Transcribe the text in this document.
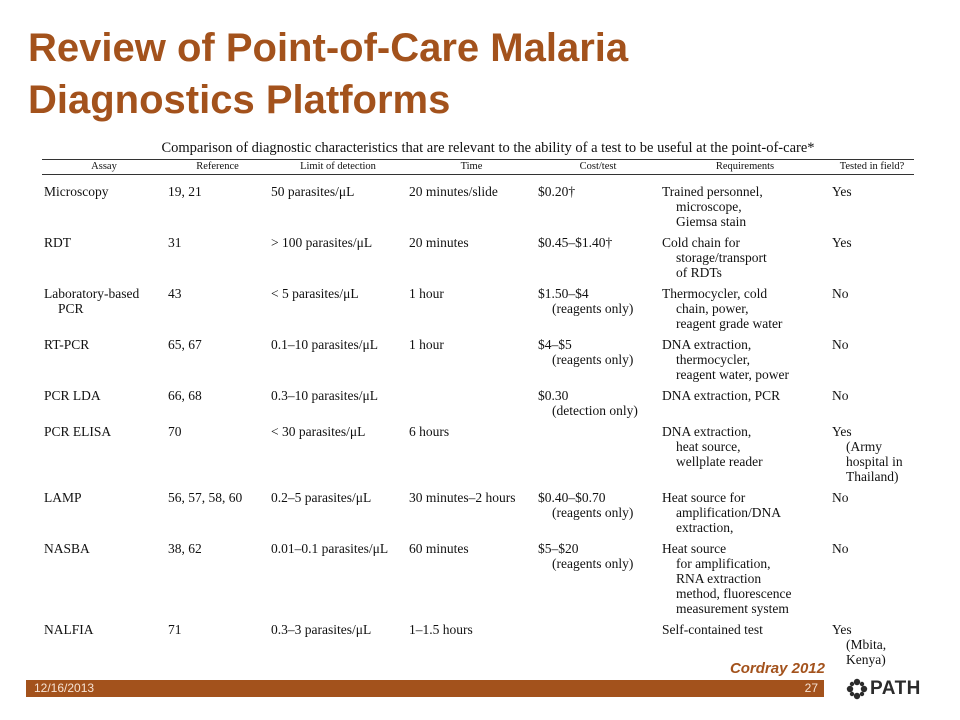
Review of Point-of-Care Malaria
Diagnostics Platforms
Comparison of diagnostic characteristics that are relevant to the ability of a test to be useful at the point-of-care*
Assay	Reference	Limit of detection	Time	Cost/test	Requirements	Tested in field?

Microscopy	19, 21	50 parasites/μL	20 minutes/slide	$0.20†	Trained personnel,
microscope,
Giemsa stain	Yes

RDT	31	> 100 parasites/μL	20 minutes	$0.45–$1.40†	Cold chain for
storage/transport
of RDTs	Yes

Laboratory-based
PCR	43	< 5 parasites/μL	1 hour	$1.50–$4
(reagents only)	Thermocycler, cold
chain, power,
reagent grade water	No

RT-PCR	65, 67	0.1–10 parasites/μL	1 hour	$4–$5
(reagents only)	DNA extraction,
thermocycler,
reagent water, power	No

PCR LDA	66, 68	0.3–10 parasites/μL		$0.30
(detection only)	DNA extraction, PCR	No

PCR ELISA	70	< 30 parasites/μL	6 hours		DNA extraction,
heat source,
wellplate reader	Yes
(Army
hospital in
Thailand)

LAMP	56, 57, 58, 60	0.2–5 parasites/μL	30 minutes–2 hours	$0.40–$0.70
(reagents only)	Heat source for
amplification/DNA
extraction,	No

NASBA	38, 62	0.01–0.1 parasites/μL	60 minutes	$5–$20
(reagents only)	Heat source
for amplification,
RNA extraction
method, fluorescence
measurement system	No

NALFIA	71	0.3–3 parasites/μL	1–1.5 hours		Self-contained test	Yes
(Mbita,
Kenya)
Cordray 2012
12/16/2013	27	PATH
